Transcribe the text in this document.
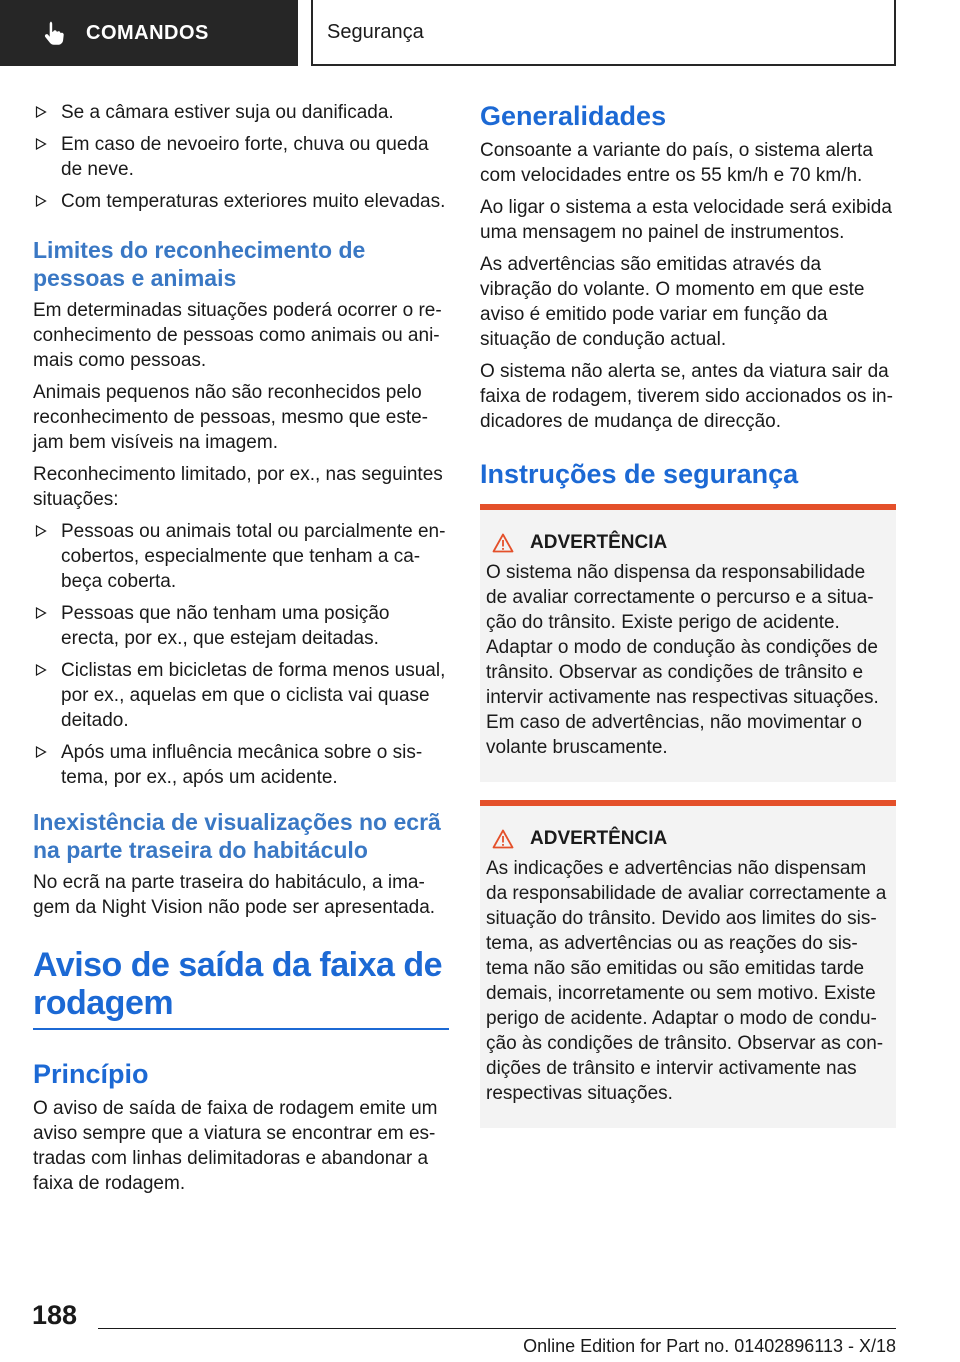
COMANDOS	Segurança
Se a câmara estiver suja ou danificada.
Em caso de nevoeiro forte, chuva ou queda de neve.
Com temperaturas exteriores muito elevadas.
Limites do reconhecimento de pessoas e animais
Em determinadas situações poderá ocorrer o re-conhecimento de pessoas como animais ou ani-mais como pessoas.
Animais pequenos não são reconhecidos pelo reconhecimento de pessoas, mesmo que este-jam bem visíveis na imagem.
Reconhecimento limitado, por ex., nas seguintes situações:
Pessoas ou animais total ou parcialmente en-cobertos, especialmente que tenham a ca-beça coberta.
Pessoas que não tenham uma posição erecta, por ex., que estejam deitadas.
Ciclistas em bicicletas de forma menos usual, por ex., aquelas em que o ciclista vai quase deitado.
Após uma influência mecânica sobre o sis-tema, por ex., após um acidente.
Inexistência de visualizações no ecrã na parte traseira do habitáculo
No ecrã na parte traseira do habitáculo, a ima-gem da Night Vision não pode ser apresentada.
Aviso de saída da faixa de rodagem
Princípio
O aviso de saída de faixa de rodagem emite um aviso sempre que a viatura se encontrar em es-tradas com linhas delimitadoras e abandonar a faixa de rodagem.
Generalidades
Consoante a variante do país, o sistema alerta com velocidades entre os 55 km/h e 70 km/h.
Ao ligar o sistema a esta velocidade será exibida uma mensagem no painel de instrumentos.
As advertências são emitidas através da vibração do volante. O momento em que este aviso é emitido pode variar em função da situação de condução actual.
O sistema não alerta se, antes da viatura sair da faixa de rodagem, tiverem sido accionados os in-dicadores de mudança de direcção.
Instruções de segurança
ADVERTÊNCIA
O sistema não dispensa da responsabilidade de avaliar correctamente o percurso e a situa-ção do trânsito. Existe perigo de acidente. Adaptar o modo de condução às condições de trânsito. Observar as condições de trânsito e intervir activamente nas respectivas situações. Em caso de advertências, não movimentar o volante bruscamente.
ADVERTÊNCIA
As indicações e advertências não dispensam da responsabilidade de avaliar correctamente a situação do trânsito. Devido aos limites do sis-tema, as advertências ou as reações do sis-tema não são emitidas ou são emitidas tarde demais, incorretamente ou sem motivo. Existe perigo de acidente. Adaptar o modo de condu-ção às condições de trânsito. Observar as con-dições de trânsito e intervir activamente nas respectivas situações.
188
Online Edition for Part no. 01402896113 - X/18
